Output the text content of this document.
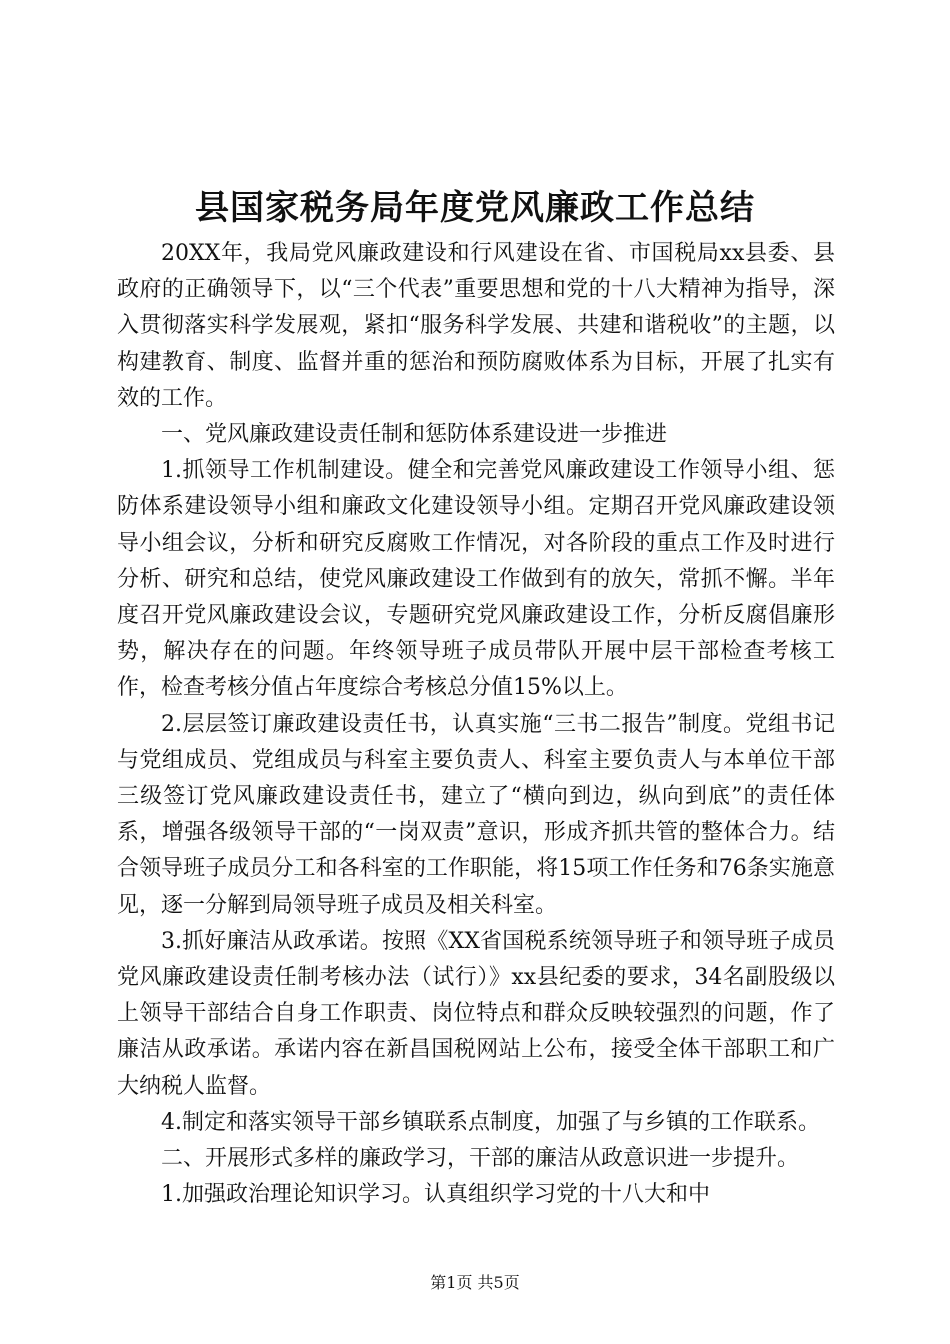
县国家税务局年度党风廉政工作总结

20XX年，我局党风廉政建设和行风建设在省、市国税局xx县委、县政府的正确领导下，以“三个代表”重要思想和党的十八大精神为指导，深入贯彻落实科学发展观，紧扣“服务科学发展、共建和谐税收”的主题，以构建教育、制度、监督并重的惩治和预防腐败体系为目标，开展了扎实有效的工作。

一、党风廉政建设责任制和惩防体系建设进一步推进

1.抓领导工作机制建设。健全和完善党风廉政建设工作领导小组、惩防体系建设领导小组和廉政文化建设领导小组。定期召开党风廉政建设领导小组会议，分析和研究反腐败工作情况，对各阶段的重点工作及时进行分析、研究和总结，使党风廉政建设工作做到有的放矢，常抓不懈。半年度召开党风廉政建设会议，专题研究党风廉政建设工作，分析反腐倡廉形势，解决存在的问题。年终领导班子成员带队开展中层干部检查考核工作，检查考核分值占年度综合考核总分值15%以上。

2.层层签订廉政建设责任书，认真实施“三书二报告”制度。党组书记与党组成员、党组成员与科室主要负责人、科室主要负责人与本单位干部三级签订党风廉政建设责任书，建立了“横向到边，纵向到底”的责任体系，增强各级领导干部的“一岗双责”意识，形成齐抓共管的整体合力。结合领导班子成员分工和各科室的工作职能，将15项工作任务和76条实施意见，逐一分解到局领导班子成员及相关科室。

3.抓好廉洁从政承诺。按照《XX省国税系统领导班子和领导班子成员党风廉政建设责任制考核办法（试行）》xx县纪委的要求，34名副股级以上领导干部结合自身工作职责、岗位特点和群众反映较强烈的问题，作了廉洁从政承诺。承诺内容在新昌国税网站上公布，接受全体干部职工和广大纳税人监督。

4.制定和落实领导干部乡镇联系点制度，加强了与乡镇的工作联系。

二、开展形式多样的廉政学习，干部的廉洁从政意识进一步提升。

1.加强政治理论知识学习。认真组织学习党的十八大和中

第1页 共5页
